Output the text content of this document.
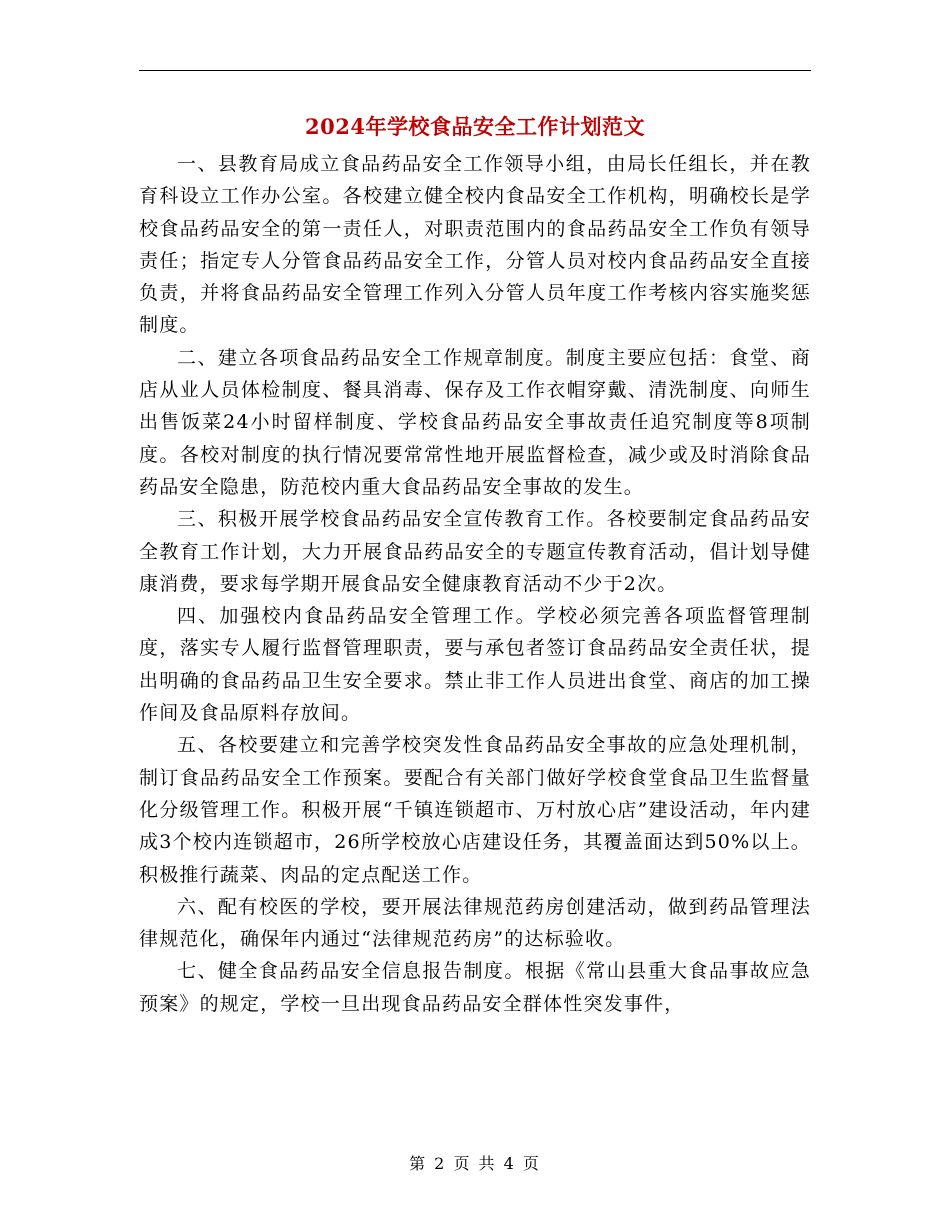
2024年学校食品安全工作计划范文

一、县教育局成立食品药品安全工作领导小组，由局长任组长，并在教育科设立工作办公室。各校建立健全校内食品安全工作机构，明确校长是学校食品药品安全的第一责任人，对职责范围内的食品药品安全工作负有领导责任；指定专人分管食品药品安全工作，分管人员对校内食品药品安全直接负责，并将食品药品安全管理工作列入分管人员年度工作考核内容实施奖惩制度。

二、建立各项食品药品安全工作规章制度。制度主要应包括：食堂、商店从业人员体检制度、餐具消毒、保存及工作衣帽穿戴、清洗制度、向师生出售饭菜24小时留样制度、学校食品药品安全事故责任追究制度等8项制度。各校对制度的执行情况要常常性地开展监督检查，减少或及时消除食品药品安全隐患，防范校内重大食品药品安全事故的发生。

三、积极开展学校食品药品安全宣传教育工作。各校要制定食品药品安全教育工作计划，大力开展食品药品安全的专题宣传教育活动，倡计划导健康消费，要求每学期开展食品安全健康教育活动不少于2次。

四、加强校内食品药品安全管理工作。学校必须完善各项监督管理制度，落实专人履行监督管理职责，要与承包者签订食品药品安全责任状，提出明确的食品药品卫生安全要求。禁止非工作人员进出食堂、商店的加工操作间及食品原料存放间。

五、各校要建立和完善学校突发性食品药品安全事故的应急处理机制，制订食品药品安全工作预案。要配合有关部门做好学校食堂食品卫生监督量化分级管理工作。积极开展“千镇连锁超市、万村放心店”建设活动，年内建成3个校内连锁超市，26所学校放心店建设任务，其覆盖面达到50%以上。积极推行蔬菜、肉品的定点配送工作。

六、配有校医的学校，要开展法律规范药房创建活动，做到药品管理法律规范化，确保年内通过“法律规范药房”的达标验收。

七、健全食品药品安全信息报告制度。根据《常山县重大食品事故应急预案》的规定，学校一旦出现食品药品安全群体性突发事件，

第 2 页 共 4 页
